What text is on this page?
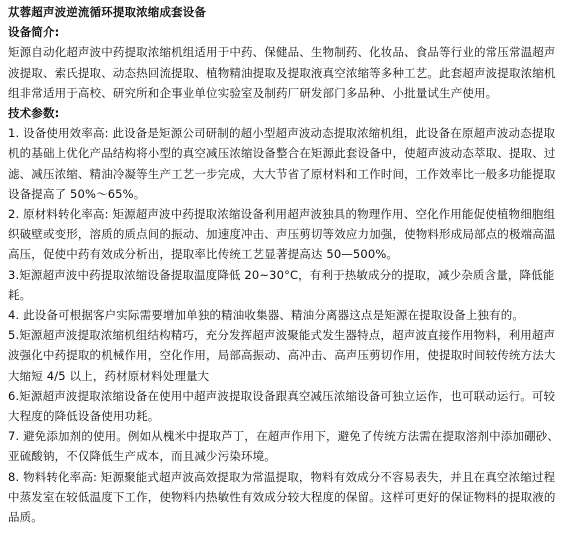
苁蓉超声波逆流循环提取浓缩成套设备

设备简介:

矩源自动化超声波中药提取浓缩机组适用于中药、保健品、生物制药、化妆品、食品等行业的常压常温超声波提取、索氏提取、动态热回流提取、植物精油提取及提取液真空浓缩等多种工艺。此套超声波提取浓缩机组非常适用于高校、研究所和企事业单位实验室及制药厂研发部门多品种、小批量试生产使用。

技术参数:

1. 设备使用效率高: 此设备是矩源公司研制的超小型超声波动态提取浓缩机组，此设备在原超声波动态提取机的基础上优化产品结构将小型的真空减压浓缩设备整合在矩源此套设备中，使超声波动态萃取、提取、过滤、减压浓缩、精油冷凝等生产工艺一步完成，大大节省了原材料和工作时间，工作效率比一般多功能提取设备提高了 50%～65%。

2. 原材料转化率高: 矩源超声波中药提取浓缩设备利用超声波独具的物理作用、空化作用能促使植物细胞组织破壁或变形，溶质的质点间的振动、加速度冲击、声压剪切等效应力加强，使物料形成局部点的极端高温高压，促使中药有效成分析出，提取率比传统工艺显著提高达 50—500%。

3.矩源超声波中药提取浓缩设备提取温度降低 20~30°C，有利于热敏成分的提取，减少杂质含量，降低能耗。

4. 此设备可根据客户实际需要增加单独的精油收集器、精油分离器这点是矩源在提取设备上独有的。

5.矩源超声波提取浓缩机组结构精巧，充分发挥超声波聚能式发生器特点，超声波直接作用物料，利用超声波强化中药提取的机械作用，空化作用，局部高振动、高冲击、高声压剪切作用，使提取时间较传统方法大大缩短 4/5 以上，药材原材料处理量大

6.矩源超声波提取浓缩设备在使用中超声波提取设备跟真空减压浓缩设备可独立运作，也可联动运行。可较大程度的降低设备使用功耗。

7. 避免添加剂的使用。例如从槐米中提取芦丁，在超声作用下，避免了传统方法需在提取溶剂中添加硼砂、亚硫酸钠，不仅降低生产成本，而且减少污染环境。

8. 物料转化率高: 矩源聚能式超声波高效提取为常温提取，物料有效成分不容易表失，并且在真空浓缩过程中蒸发室在较低温度下工作，使物料内热敏性有效成分较大程度的保留。这样可更好的保证物料的提取液的品质。
